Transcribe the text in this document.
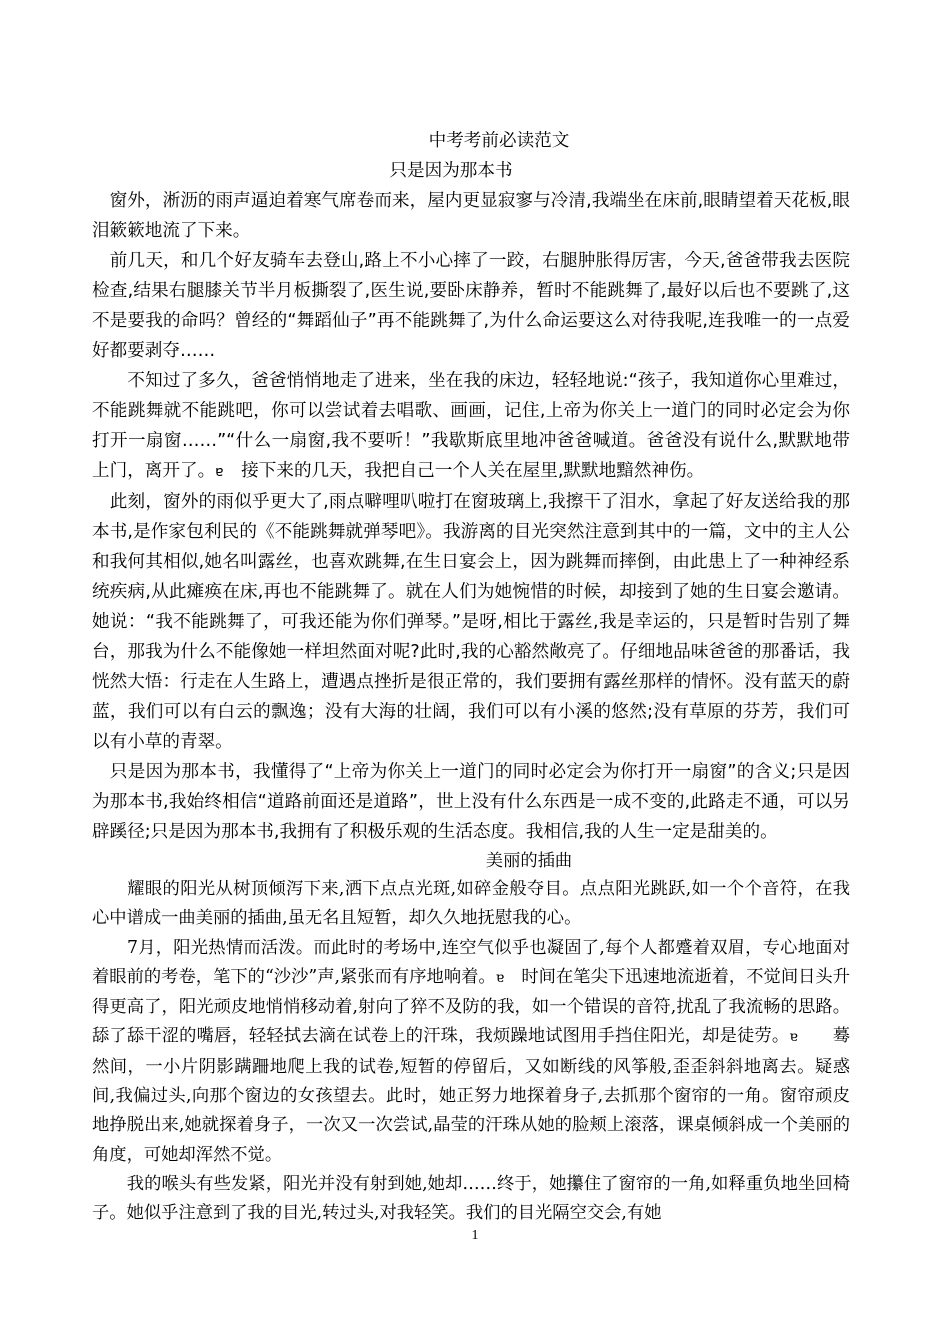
中考考前必读范文
只是因为那本书

　窗外，淅沥的雨声逼迫着寒气席卷而来，屋内更显寂寥与冷清,我端坐在床前,眼睛望着天花板,眼泪簌簌地流了下来。

　前几天，和几个好友骑车去登山,路上不小心摔了一跤，右腿肿胀得厉害，今天,爸爸带我去医院检查,结果右腿膝关节半月板撕裂了,医生说,要卧床静养，暂时不能跳舞了,最好以后也不要跳了,这不是要我的命吗？曾经的“舞蹈仙子”再不能跳舞了,为什么命运要这么对待我呢,连我唯一的一点爱好都要剥夺……

　　不知过了多久，爸爸悄悄地走了进来，坐在我的床边，轻轻地说:“孩子，我知道你心里难过，不能跳舞就不能跳吧，你可以尝试着去唱歌、画画，记住,上帝为你关上一道门的同时必定会为你打开一扇窗……”“什么一扇窗,我不要听！”我歇斯底里地冲爸爸喊道。爸爸没有说什么,默默地带上门，离开了。ɐ　接下来的几天，我把自己一个人关在屋里,默默地黯然神伤。

　此刻，窗外的雨似乎更大了,雨点噼哩叭啦打在窗玻璃上,我擦干了泪水，拿起了好友送给我的那本书,是作家包利民的《不能跳舞就弹琴吧》。我游离的目光突然注意到其中的一篇，文中的主人公和我何其相似,她名叫露丝，也喜欢跳舞,在生日宴会上，因为跳舞而摔倒，由此患上了一种神经系统疾病,从此瘫痪在床,再也不能跳舞了。就在人们为她惋惜的时候，却接到了她的生日宴会邀请。她说：“我不能跳舞了，可我还能为你们弹琴。”是呀,相比于露丝,我是幸运的，只是暂时告别了舞台，那我为什么不能像她一样坦然面对呢?此时,我的心豁然敞亮了。仔细地品味爸爸的那番话，我恍然大悟：行走在人生路上，遭遇点挫折是很正常的，我们要拥有露丝那样的情怀。没有蓝天的蔚蓝，我们可以有白云的飘逸；没有大海的壮阔，我们可以有小溪的悠然;没有草原的芬芳，我们可以有小草的青翠。

　只是因为那本书，我懂得了“上帝为你关上一道门的同时必定会为你打开一扇窗”的含义;只是因为那本书,我始终相信“道路前面还是道路”，世上没有什么东西是一成不变的,此路走不通，可以另辟蹊径;只是因为那本书,我拥有了积极乐观的生活态度。我相信,我的人生一定是甜美的。

美丽的插曲

　　耀眼的阳光从树顶倾泻下来,洒下点点光斑,如碎金般夺目。点点阳光跳跃,如一个个音符，在我心中谱成一曲美丽的插曲,虽无名且短暂，却久久地抚慰我的心。

　　7月，阳光热情而活泼。而此时的考场中,连空气似乎也凝固了,每个人都蹙着双眉，专心地面对着眼前的考卷，笔下的“沙沙”声,紧张而有序地响着。ɐ　时间在笔尖下迅速地流逝着，不觉间日头升得更高了，阳光顽皮地悄悄移动着,射向了猝不及防的我，如一个错误的音符,扰乱了我流畅的思路。舔了舔干涩的嘴唇，轻轻拭去滴在试卷上的汗珠，我烦躁地试图用手挡住阳光，却是徒劳。ɐ　　蓦然间，一小片阴影蹒跚地爬上我的试卷,短暂的停留后，又如断线的风筝般,歪歪斜斜地离去。疑惑间,我偏过头,向那个窗边的女孩望去。此时，她正努力地探着身子,去抓那个窗帘的一角。窗帘顽皮地挣脱出来,她就探着身子，一次又一次尝试,晶莹的汗珠从她的脸颊上滚落，课桌倾斜成一个美丽的角度，可她却浑然不觉。

　　我的喉头有些发紧，阳光并没有射到她,她却……终于，她攥住了窗帘的一角,如释重负地坐回椅子。她似乎注意到了我的目光,转过头,对我轻笑。我们的目光隔空交会,有她

1
